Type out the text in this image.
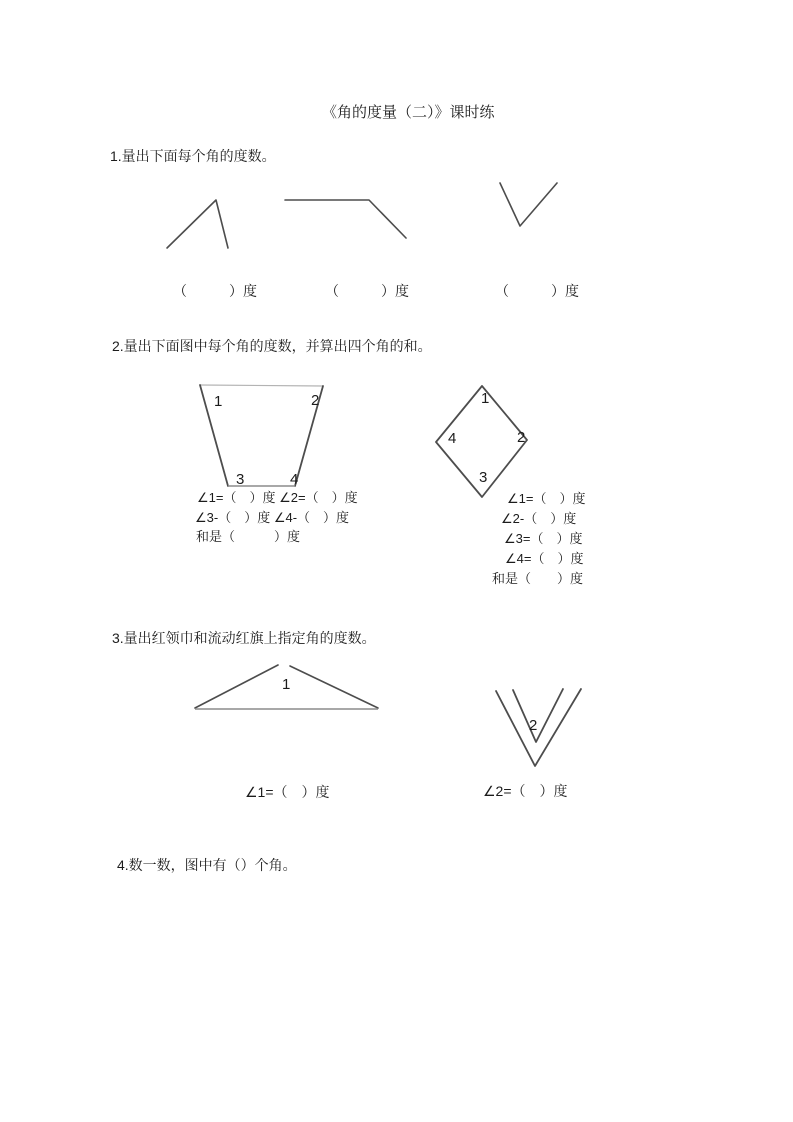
《角的度量（二）》课时练
1.量出下面每个角的度数。
（　　　）度	（　　　）度	（　　　）度
2.量出下面图中每个角的度数，并算出四个角的和。
1	2
3	4
1
2
3
4
∠1=（　）度 ∠2=（　）度
∠3-（　）度 ∠4-（　）度
和是（　　　）度
∠1=（　）度
∠2-（　）度
∠3=（　）度
∠4=（　）度
和是（　　）度
3.量出红领巾和流动红旗上指定角的度数。
1
2
∠1=（　）度	∠2=（　）度
4.数一数，图中有（）个角。
